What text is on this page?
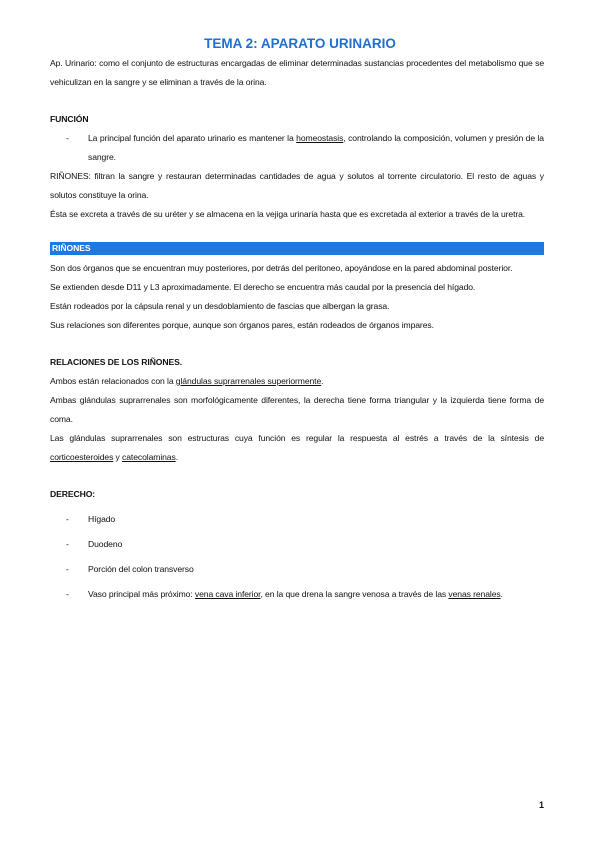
TEMA 2: APARATO URINARIO

Ap. Urinario: como el conjunto de estructuras encargadas de eliminar determinadas sustancias procedentes del metabolismo que se vehiculizan en la sangre y se eliminan a través de la orina.

FUNCIÓN

-	La principal función del aparato urinario es mantener la homeostasis, controlando la composición, volumen y presión de la sangre.

RIÑONES: filtran la sangre y restauran determinadas cantidades de agua y solutos al torrente circulatorio. El resto de aguas y solutos constituye la orina.

Ésta se excreta a través de su uréter y se almacena en la vejiga urinaria hasta que es excretada al exterior a través de la uretra.

RIÑONES

Son dos órganos que se encuentran muy posteriores, por detrás del peritoneo, apoyándose en la pared abdominal posterior.

Se extienden desde D11 y L3 aproximadamente. El derecho se encuentra más caudal por la presencia del hígado.

Están rodeados por la cápsula renal y un desdoblamiento de fascias que albergan la grasa.

Sus relaciones son diferentes porque, aunque son órganos pares, están rodeados de órganos impares.

RELACIONES DE LOS RIÑONES.

Ambos están relacionados con la glándulas suprarrenales superiormente.

Ambas glándulas suprarrenales son morfológicamente diferentes, la derecha tiene forma triangular y la izquierda tiene forma de coma.

Las glándulas suprarrenales son estructuras cuya función es regular la respuesta al estrés a través de la síntesis de corticoesteroides y catecolaminas.

DERECHO:

-	Hígado
-	Duodeno
-	Porción del colon transverso
-	Vaso principal más próximo: vena cava inferior, en la que drena la sangre venosa a través de las venas renales.
1
